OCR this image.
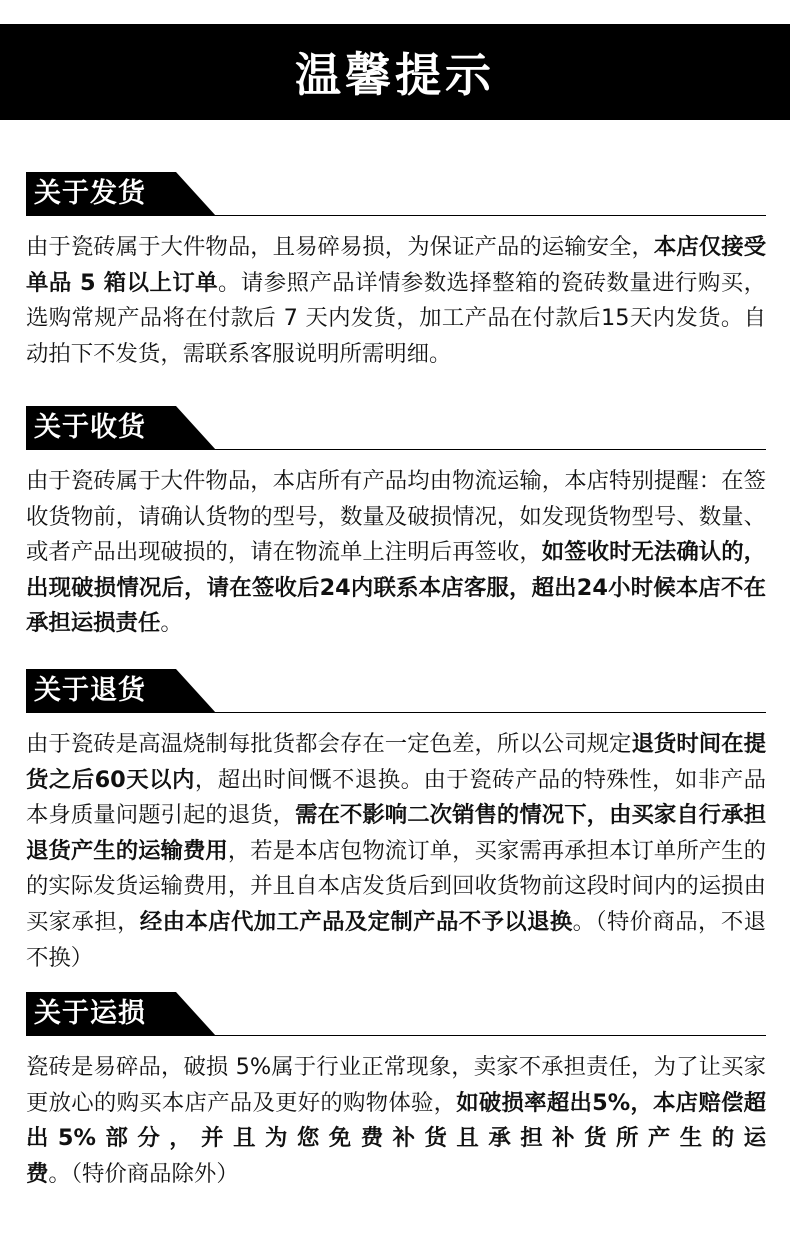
温馨提示
关于发货
由于瓷砖属于大件物品，且易碎易损，为保证产品的运输安全，本店仅接受单品 5 箱以上订单。请参照产品详情参数选择整箱的瓷砖数量进行购买，选购常规产品将在付款后 7 天内发货，加工产品在付款后15天内发货。自动拍下不发货，需联系客服说明所需明细。
关于收货
由于瓷砖属于大件物品，本店所有产品均由物流运输，本店特别提醒：在签收货物前，请确认货物的型号，数量及破损情况，如发现货物型号、数量、或者产品出现破损的，请在物流单上注明后再签收，如签收时无法确认的，出现破损情况后，请在签收后24内联系本店客服，超出24小时候本店不在承担运损责任。
关于退货
由于瓷砖是高温烧制每批货都会存在一定色差，所以公司规定退货时间在提货之后60天以内，超出时间慨不退换。由于瓷砖产品的特殊性，如非产品本身质量问题引起的退货，需在不影响二次销售的情况下，由买家自行承担退货产生的运输费用，若是本店包物流订单，买家需再承担本订单所产生的的实际发货运输费用，并且自本店发货后到回收货物前这段时间内的运损由买家承担，经由本店代加工产品及定制产品不予以退换。（特价商品，不退不换）
关于运损
瓷砖是易碎品，破损 5%属于行业正常现象，卖家不承担责任，为了让买家更放心的购买本店产品及更好的购物体验，如破损率超出5%，本店赔偿超出5%部分，并且为您免费补货且承担补货所产生的运费。（特价商品除外）
